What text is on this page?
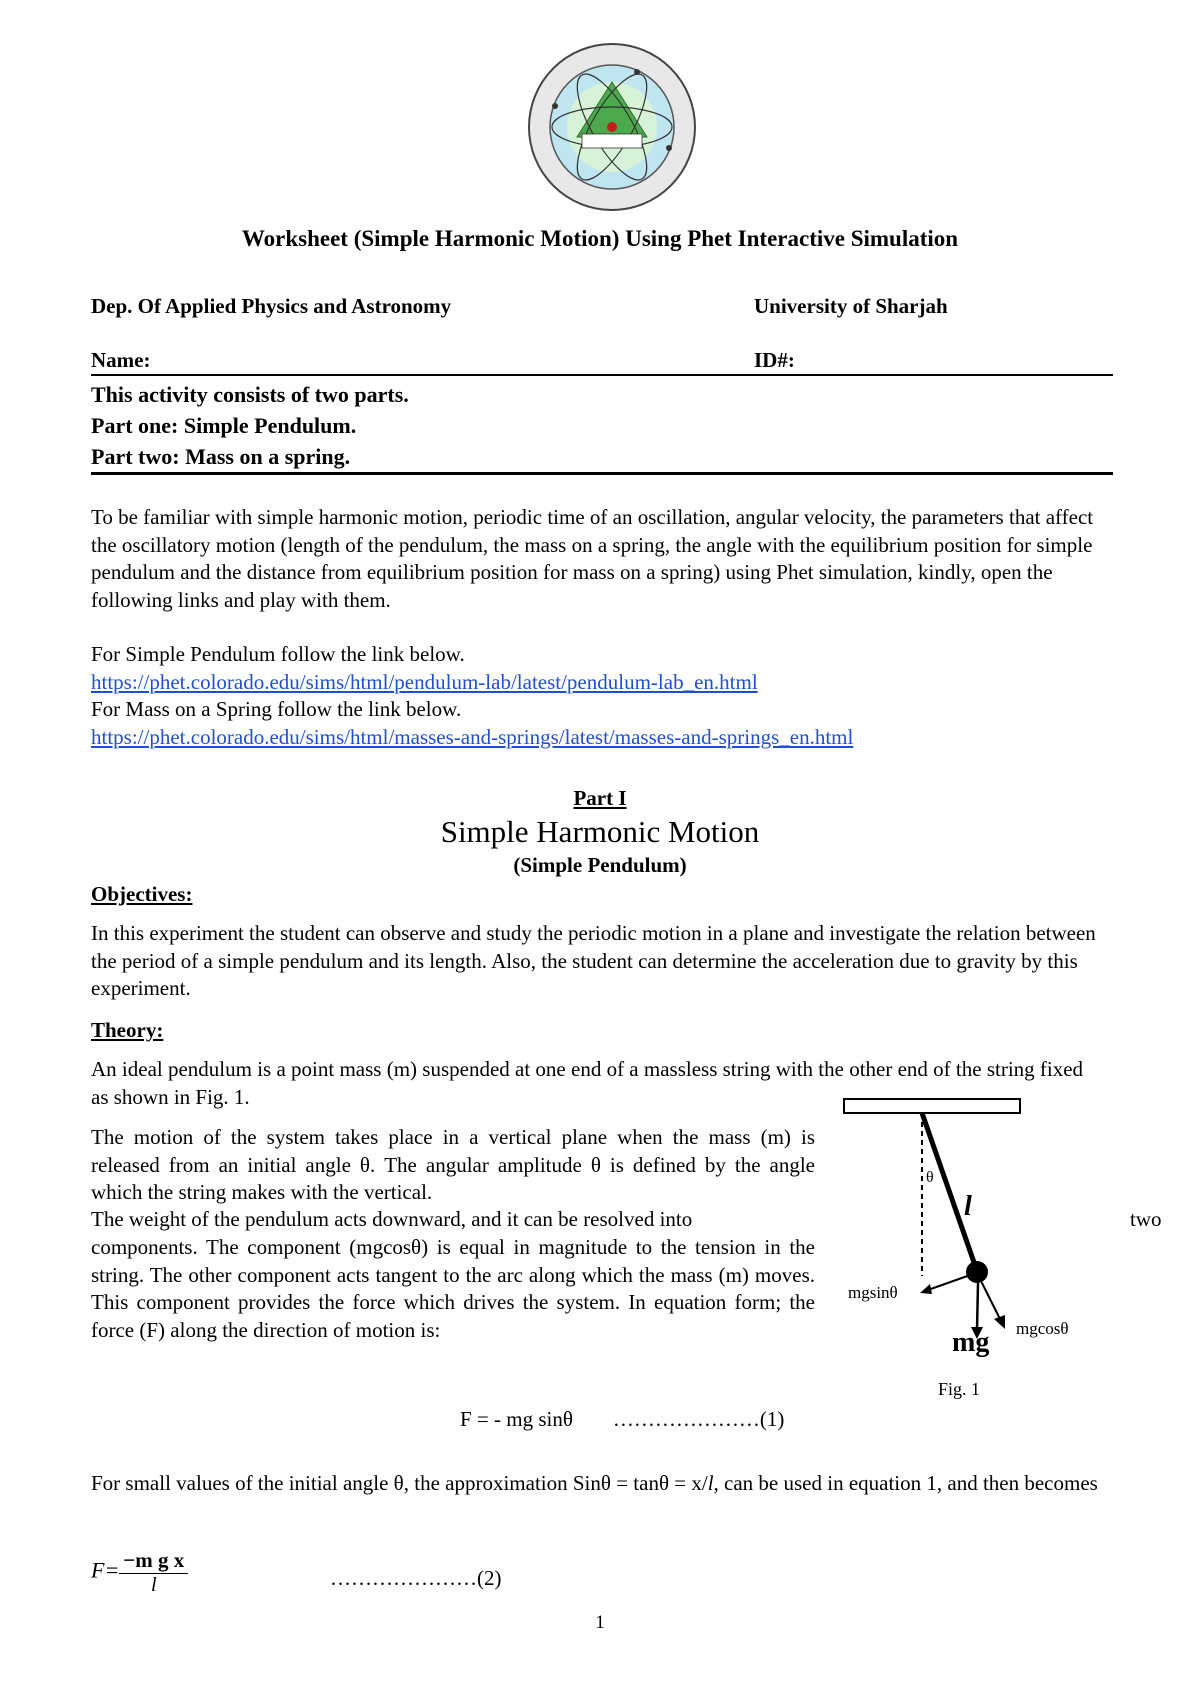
Worksheet (Simple Harmonic Motion) Using Phet Interactive Simulation
Dep. Of Applied Physics and Astronomy	University of Sharjah
Name:	ID#:
This activity consists of two parts.
Part one: Simple Pendulum.
Part two: Mass on a spring.

To be familiar with simple harmonic motion, periodic time of an oscillation, angular velocity, the parameters that affect the oscillatory motion (length of the pendulum, the mass on a spring, the angle with the equilibrium position for simple pendulum and the distance from equilibrium position for mass on a spring) using Phet simulation, kindly, open the following links and play with them.

For Simple Pendulum follow the link below.

https://phet.colorado.edu/sims/html/pendulum-lab/latest/pendulum-lab_en.html

For Mass on a Spring follow the link below.

https://phet.colorado.edu/sims/html/masses-and-springs/latest/masses-and-springs_en.html

Part I
Simple Harmonic Motion
(Simple Pendulum)
Objectives:
In this experiment the student can observe and study the periodic motion in a plane and investigate the relation between the period of a simple pendulum and its length. Also, the student can determine the acceleration due to gravity by this experiment.
Theory:
An ideal pendulum is a point mass (m) suspended at one end of a massless string with the other end of the string fixed as shown in Fig. 1.
The motion of the system takes place in a vertical plane when the mass (m) is released from an initial angle θ. The angular amplitude θ is defined by the angle which the string makes with the vertical.
The weight of the pendulum acts downward, and it can be resolved into	two
components. The component (mgcosθ) is equal in magnitude to the tension in the string. The other component acts tangent to the arc along which the mass (m) moves. This component provides the force which drives the system. In equation form; the force (F) along the direction of motion is:
θ
l
mgsinθ
mgcosθ
mg
Fig. 1
F = - mg sinθ …………………(1)
For small values of the initial angle θ, the approximation Sinθ = tanθ = x/l, can be used in equation 1, and then becomes
$F= \frac{\text{−m g x}}{l}$	…………………(2)
1
